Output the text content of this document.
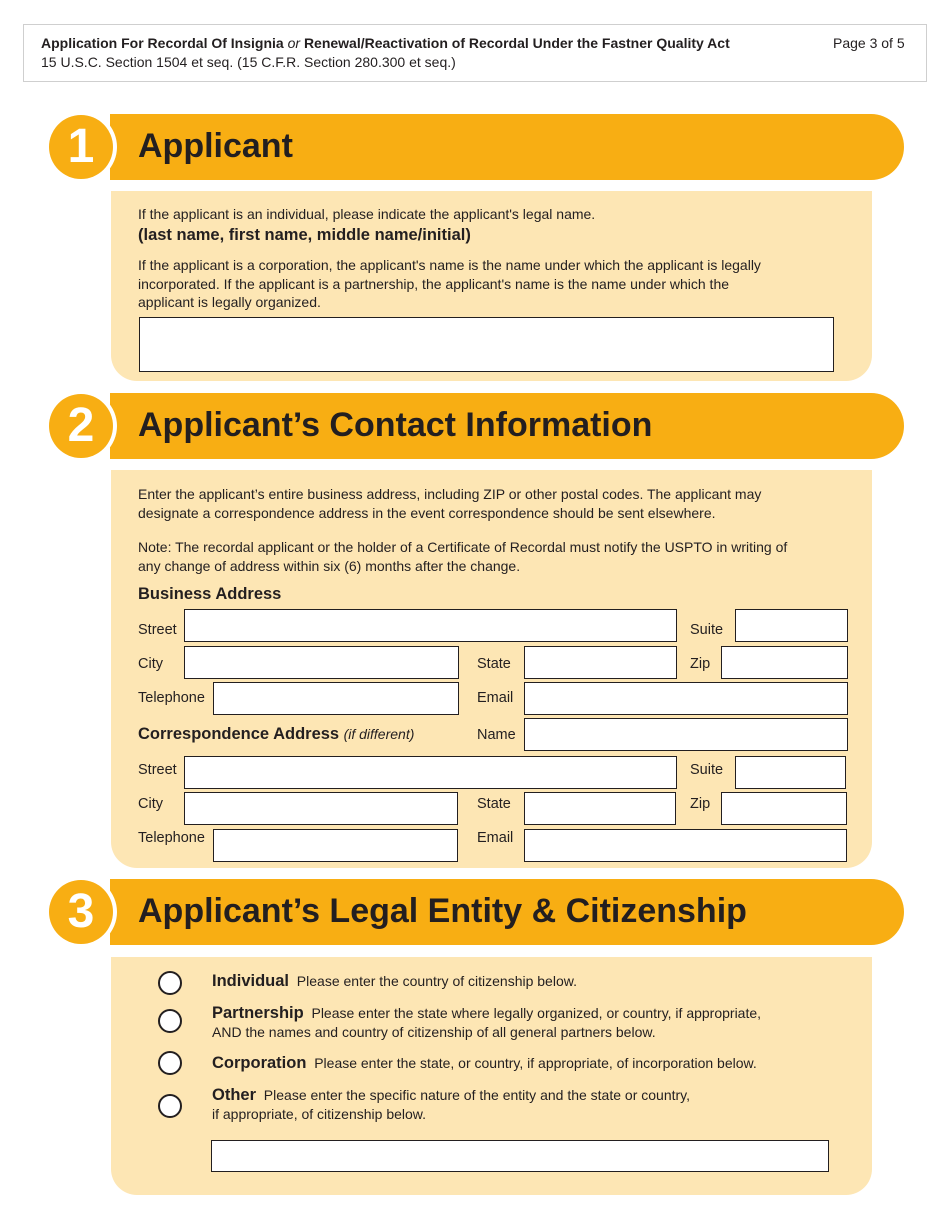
Application For Recordal Of Insignia or Renewal/Reactivation of Recordal Under the Fastner Quality Act
15 U.S.C. Section 1504 et seq. (15 C.F.R. Section 280.300 et seq.)
Page 3 of 5
1	Applicant
If the applicant is an individual, please indicate the applicant's legal name.
(last name, first name, middle name/initial)
If the applicant is a corporation, the applicant's name is the name under which the applicant is legally incorporated. If the applicant is a partnership, the applicant's name is the name under which the applicant is legally organized.
2	Applicant’s Contact Information
Enter the applicant’s entire business address, including ZIP or other postal codes. The applicant may designate a correspondence address in the event correspondence should be sent elsewhere.
Note: The recordal applicant or the holder of a Certificate of Recordal must notify the USPTO in writing of any change of address within six (6) months after the change.
Business Address
Street	Suite
City	State	Zip
Telephone	Email
Correspondence Address (if different)	Name
Street	Suite
City	State	Zip
Telephone	Email
3	Applicant’s Legal Entity & Citizenship
Individual Please enter the country of citizenship below.
Partnership Please enter the state where legally organized, or country, if appropriate,
AND the names and country of citizenship of all general partners below.
Corporation Please enter the state, or country, if appropriate, of incorporation below.
Other Please enter the specific nature of the entity and the state or country,
if appropriate, of citizenship below.
